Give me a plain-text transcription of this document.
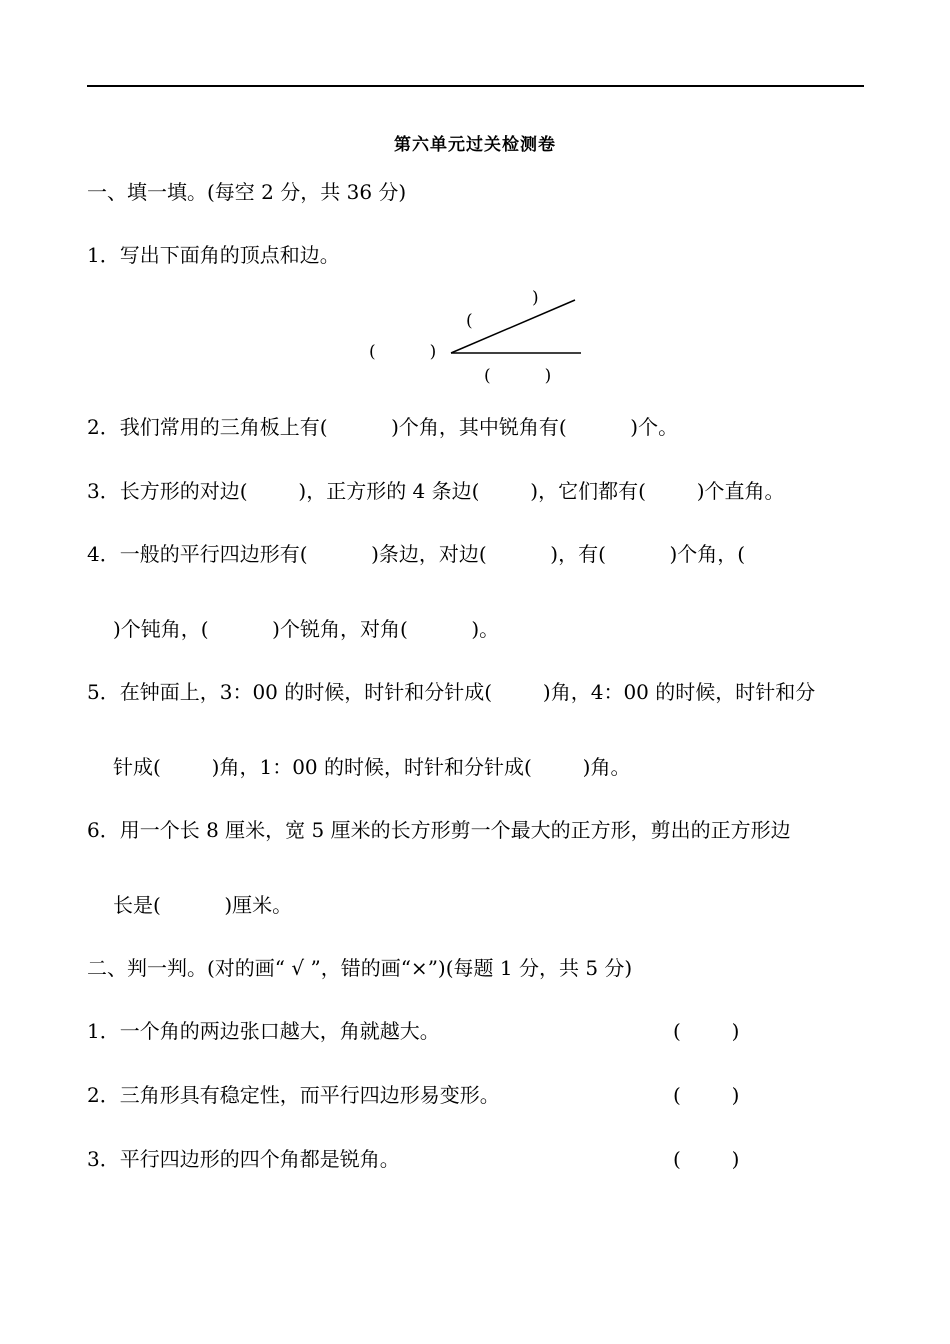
第六单元过关检测卷
一、填一填。(每空 2 分，共 36 分)
1．写出下面角的顶点和边。
)
(
(          )
(          )
2．我们常用的三角板上有(          )个角，其中锐角有(          )个。
3．长方形的对边(        )，正方形的 4 条边(        )，它们都有(        )个直角。
4．一般的平行四边形有(          )条边，对边(          )，有(          )个角，(
)个钝角，(          )个锐角，对角(          )。
5．在钟面上，3：00 的时候，时针和分针成(        )角，4：00 的时候，时针和分
针成(        )角，1：00 的时候，时针和分针成(        )角。
6．用一个长 8 厘米，宽 5 厘米的长方形剪一个最大的正方形，剪出的正方形边
长是(          )厘米。
二、判一判。(对的画“ √ ”，错的画“×”)(每题 1 分，共 5 分)
1．一个角的两边张口越大，角就越大。	(        )
2．三角形具有稳定性，而平行四边形易变形。	(        )
3．平行四边形的四个角都是锐角。	(        )
